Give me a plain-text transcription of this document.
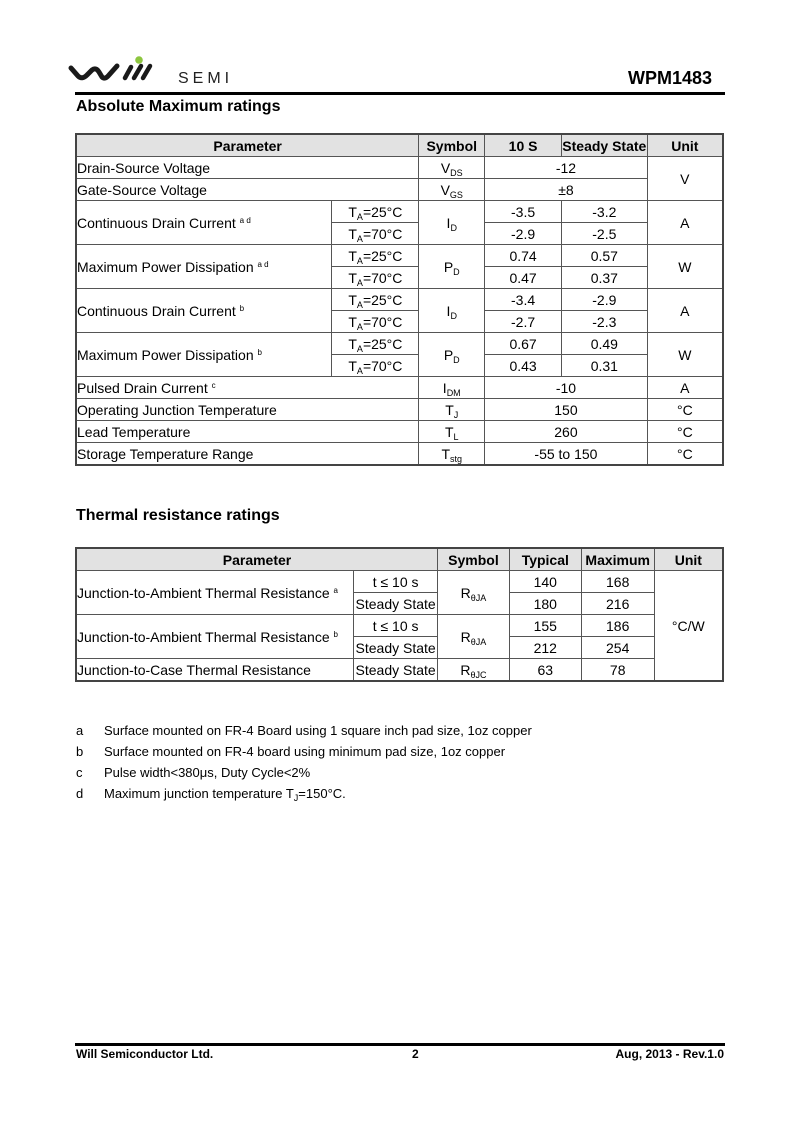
SEMI	WPM1483
Absolute Maximum ratings
Parameter		Symbol	10 S	Steady State	Unit
Drain-Source Voltage		$V_{DS}$	-12		V
Gate-Source Voltage		$V_{GS}$	±8		
Continuous Drain Current $^{a d}$	$T_A=25^\circ C$	$I_D$	-3.5	-3.2	A
	$T_A=70^\circ C$		-2.9	-2.5	
Maximum Power Dissipation $^{a d}$	$T_A=25^\circ C$	$P_D$	0.74	0.57	W
	$T_A=70^\circ C$		0.47	0.37	
Continuous Drain Current $^b$	$T_A=25^\circ C$	$I_D$	-3.4	-2.9	A
	$T_A=70^\circ C$		-2.7	-2.3	
Maximum Power Dissipation $^b$	$T_A=25^\circ C$	$P_D$	0.67	0.49	W
	$T_A=70^\circ C$		0.43	0.31	
Pulsed Drain Current $^c$		$I_{DM}$	-10		A
Operating Junction Temperature		$T_J$	150		°C
Lead Temperature		$T_L$	260		°C
Storage Temperature Range		$T_{stg}$	-55 to 150		°C
Thermal resistance ratings
Parameter		Symbol	Typical	Maximum	Unit
Junction-to-Ambient Thermal Resistance $^a$	t ≤ 10 s	$R_{\theta JA}$	140	168	°C/W
	Steady State		180	216	
Junction-to-Ambient Thermal Resistance $^b$	t ≤ 10 s	$R_{\theta JA}$	155	186	
	Steady State		212	254	
Junction-to-Case Thermal Resistance	Steady State	$R_{\theta JC}$	63	78	
a	Surface mounted on FR-4 Board using 1 square inch pad size, 1oz copper
b	Surface mounted on FR-4 board using minimum pad size, 1oz copper
c	Pulse width<380μs, Duty Cycle<2%
d	Maximum junction temperature $T_J=150^\circ C$.
Will Semiconductor Ltd.	2	Aug, 2013 - Rev.1.0
